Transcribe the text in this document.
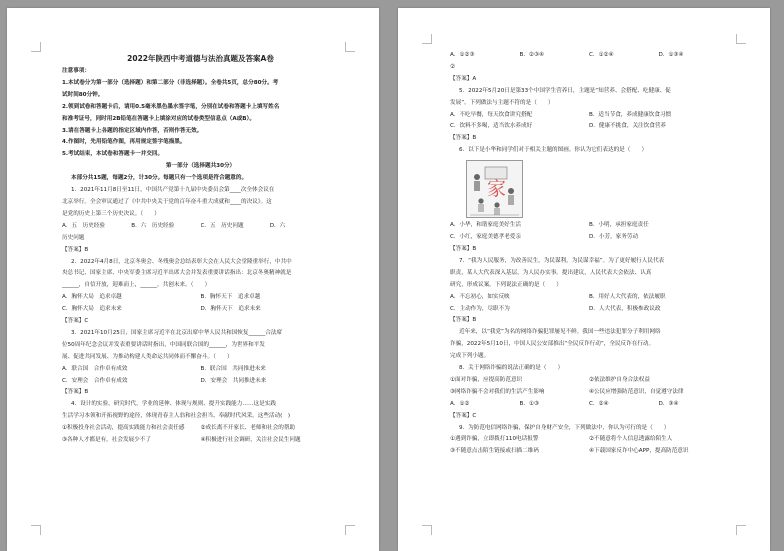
2022年陕西中考道德与法治真题及答案A卷

注意事项：

1.本试卷分为第一部分（选择题）和第二部分（非选择题）。全卷共5页，总分80分。考

试时间80分钟。

2.领到试卷和答题卡后，请用0.5毫米黑色墨水签字笔，分别在试卷和答题卡上填写姓名

和准考证号，同时用2B铅笔在答题卡上填涂对应的试卷类型信息点（A或B）。

3.请在答题卡上各题的指定区域内作答，否则作答无效。

4.作图时，先用铅笔作图，再用规定签字笔描黑。

5.考试结束，本试卷和答题卡一并交回。

第一部分（选择题共30分）

本部分共15题，每题2分，计30分。每题只有一个选项是符合题意的。

1．2021年11月8日至11日，中国共产党第十九届中央委员会第____次全体会议在

北京举行。全会审议通过了《中共中央关于党的百年奋斗重大成就和____的决议》。这

是党的历史上第三个历史决议。（　　）

A．五　历史经验	B．六　历史经验	C．五　历史问题	D．六

历史问题

【答案】B

2．2022年4月8日，北京冬奥会、冬残奥会总结表彰大会在人民大会堂隆重举行，中共中

央总书记、国家主席、中央军委主席习近平出席大会并发表重要讲话指出：北京冬奥精神就是

______，自信开放，迎难而上，______，共创未来。（　　）

A．胸怀大局　追求卓越	B．胸怀天下　追求卓越
C．胸怀大局　追求未来	D．胸怀天下　追求未来

【答案】C

3．2021年10月25日，国家主席习近平在北京出席中华人民共和国恢复______合法席

位50周年纪念会议并发表重要讲话时指出，中国同联合国的______，为世界和平发

展、促进共同发展、为推动构建人类命运共同体而不懈奋斗。（　　）

A．联合国　合作卓有成效	B．联合国　共同推进未来
C．安理会　合作卓有成效	D．安理会　共同推进未来

【答案】B

4．设计的实验，研究时代，学业的延伸、体现与规则、提升实践能力……这是实践

生活学习本领和开拓视野的途径，体现青春主人翁和社会担当、奉献时代风采。这些活动(　)

①积极投身社会活动，提高实践能力和社会责任感	②成长离不开家长、老师和社会的帮助
③各种人才都是有，社会发展少不了	④积极进行社会调研，关注社会民生问题
A．①②③	B．②③④	C．①②④	D．①③④

②

【答案】A

5．2022年5月20日是第33个中国学生营养日，主题是“知营养、会搭配、吃健康、促

发展”。下列做法与主题不符的是（　　）

A．不吃早餐，每天饮食讲究搭配	B．适当节食，养成健康饮食习惯
C．饮料不多喝，适当饮水养成好	D．健康不挑食，关注饮食营养

【答案】B

6．以下是小华和同学们对于相关主题的图画。你认为它们表达的是（　　）

家
A．小华，和谐家庭美好生活	B．小明，承担家庭责任
C．小红，家庭美德孝老爱亲	D．小芳，家务劳动

【答案】B

7．“我为人民服务，为改善民生，为民谋利，为民谋幸福”。为了更好履行人民代表

职责，某人大代表深入基层，为人民办实事。提出建议，人民代表大会依法、认真

研究，形成议案。下列说法正确的是（　　）

A．不忘初心，如实反映	B．用好人大代表的，依法履职
C．主动作为，尽职不为	D．人大代表，积极参政议政

【答案】B

近年来，以“我党”为名的网络诈骗犯罪屡见不鲜。我国一些违法犯罪分子利用网络

诈骗，2022年5月10日，中国人民公安部推出“全民反诈行动”，全民反诈在行动。

完成下列小题。

8．关于网络诈骗的说法正确的是（　　）

①面对诈骗，应提高防范意识	②依法维护自身合法权益
③网络诈骗不会对我们的生活产生影响	④公民应增强防范意识，自觉遵守法律
A．①②	B．①③	C．②④	D．③④

【答案】C

9．为防范电信网络诈骗，保护自身财产安全，下列做法中，你认为可行的是（　　）

①遇到诈骗，立即拨打110电话报警	②不随意将个人信息透露给陌生人
③不随意点击陌生链接或扫描二维码	④下载国家反诈中心APP，提高防范意识
